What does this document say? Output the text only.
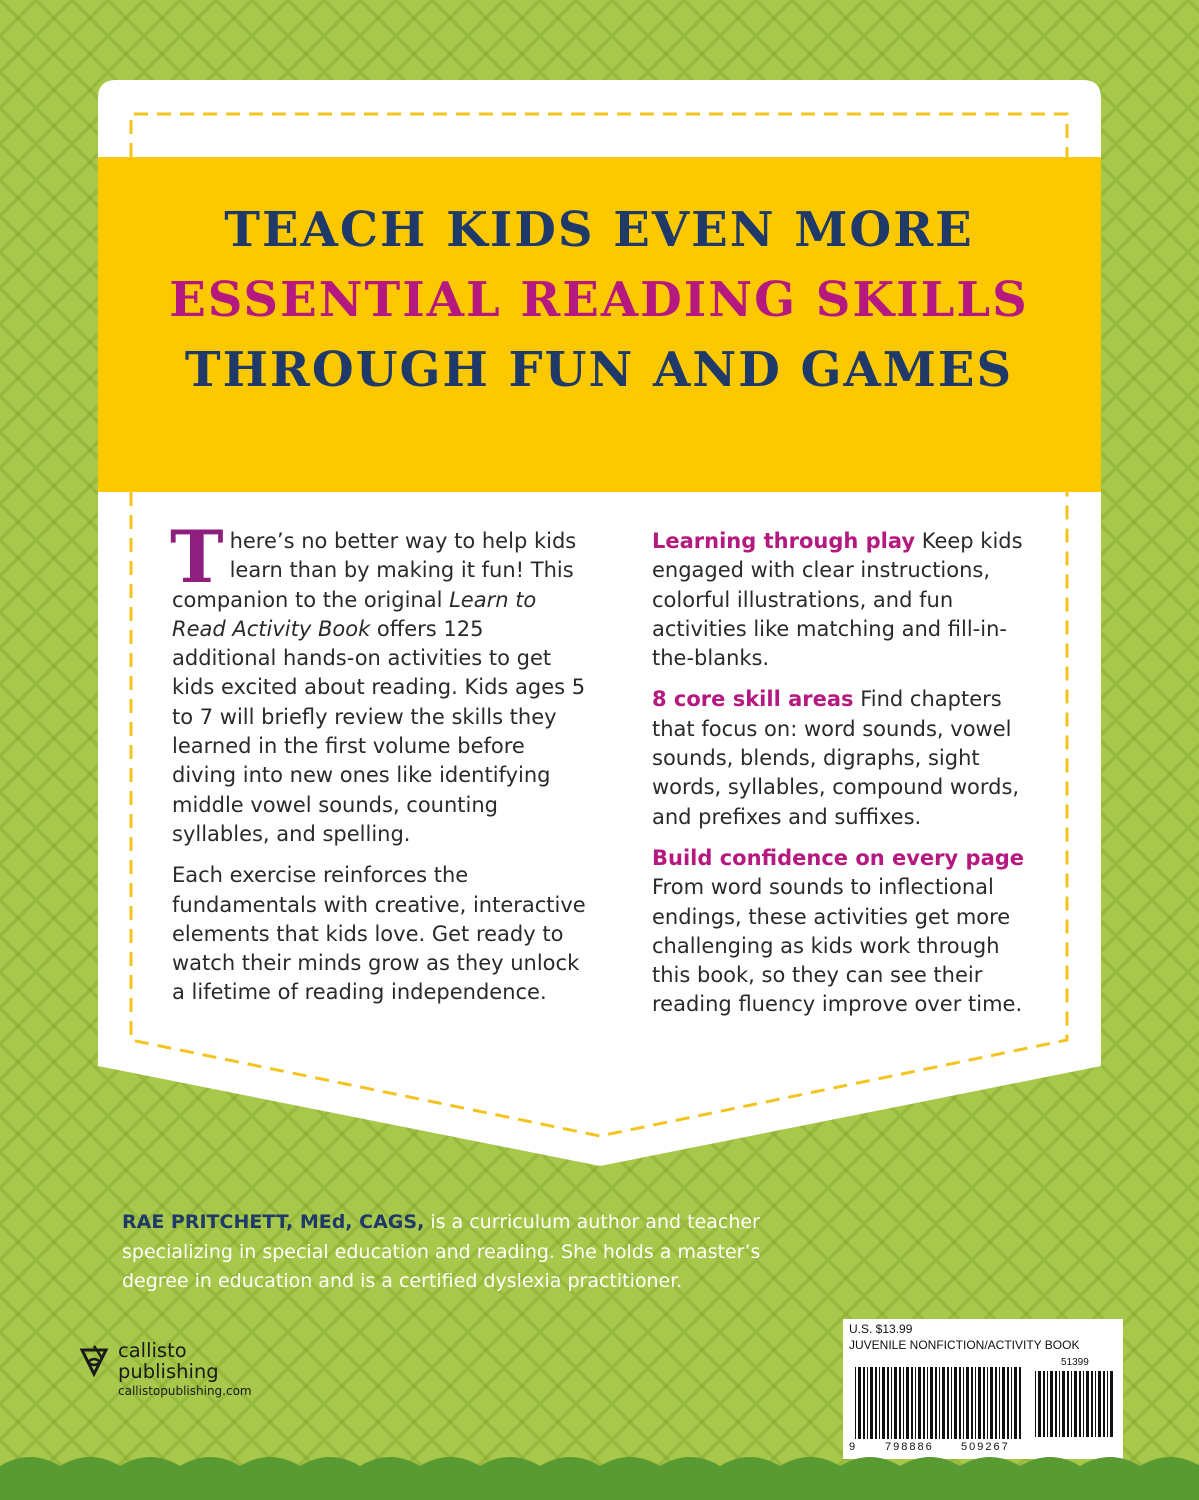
TEACH KIDS EVEN MORE
ESSENTIAL READING SKILLS
THROUGH FUN AND GAMES

There’s no better way to help kids learn than by making it fun! This companion to the original Learn to Read Activity Book offers 125 additional hands-on activities to get kids excited about reading. Kids ages 5 to 7 will briefly review the skills they learned in the first volume before diving into new ones like identifying middle vowel sounds, counting syllables, and spelling.

Each exercise reinforces the fundamentals with creative, interactive elements that kids love. Get ready to watch their minds grow as they unlock a lifetime of reading independence.

Learning through play Keep kids engaged with clear instructions, colorful illustrations, and fun activities like matching and fill-in-the-blanks.

8 core skill areas Find chapters that focus on: word sounds, vowel sounds, blends, digraphs, sight words, syllables, compound words, and prefixes and suffixes.

Build confidence on every page From word sounds to inflectional endings, these activities get more challenging as kids work through this book, so they can see their reading fluency improve over time.

RAE PRITCHETT, MEd, CAGS, is a curriculum author and teacher specializing in special education and reading. She holds a master’s degree in education and is a certified dyslexia practitioner.
callisto
publishing
callistopublishing.com
U.S. $13.99
JUVENILE NONFICTION/ACTIVITY BOOK
51399
9	798886 509267
